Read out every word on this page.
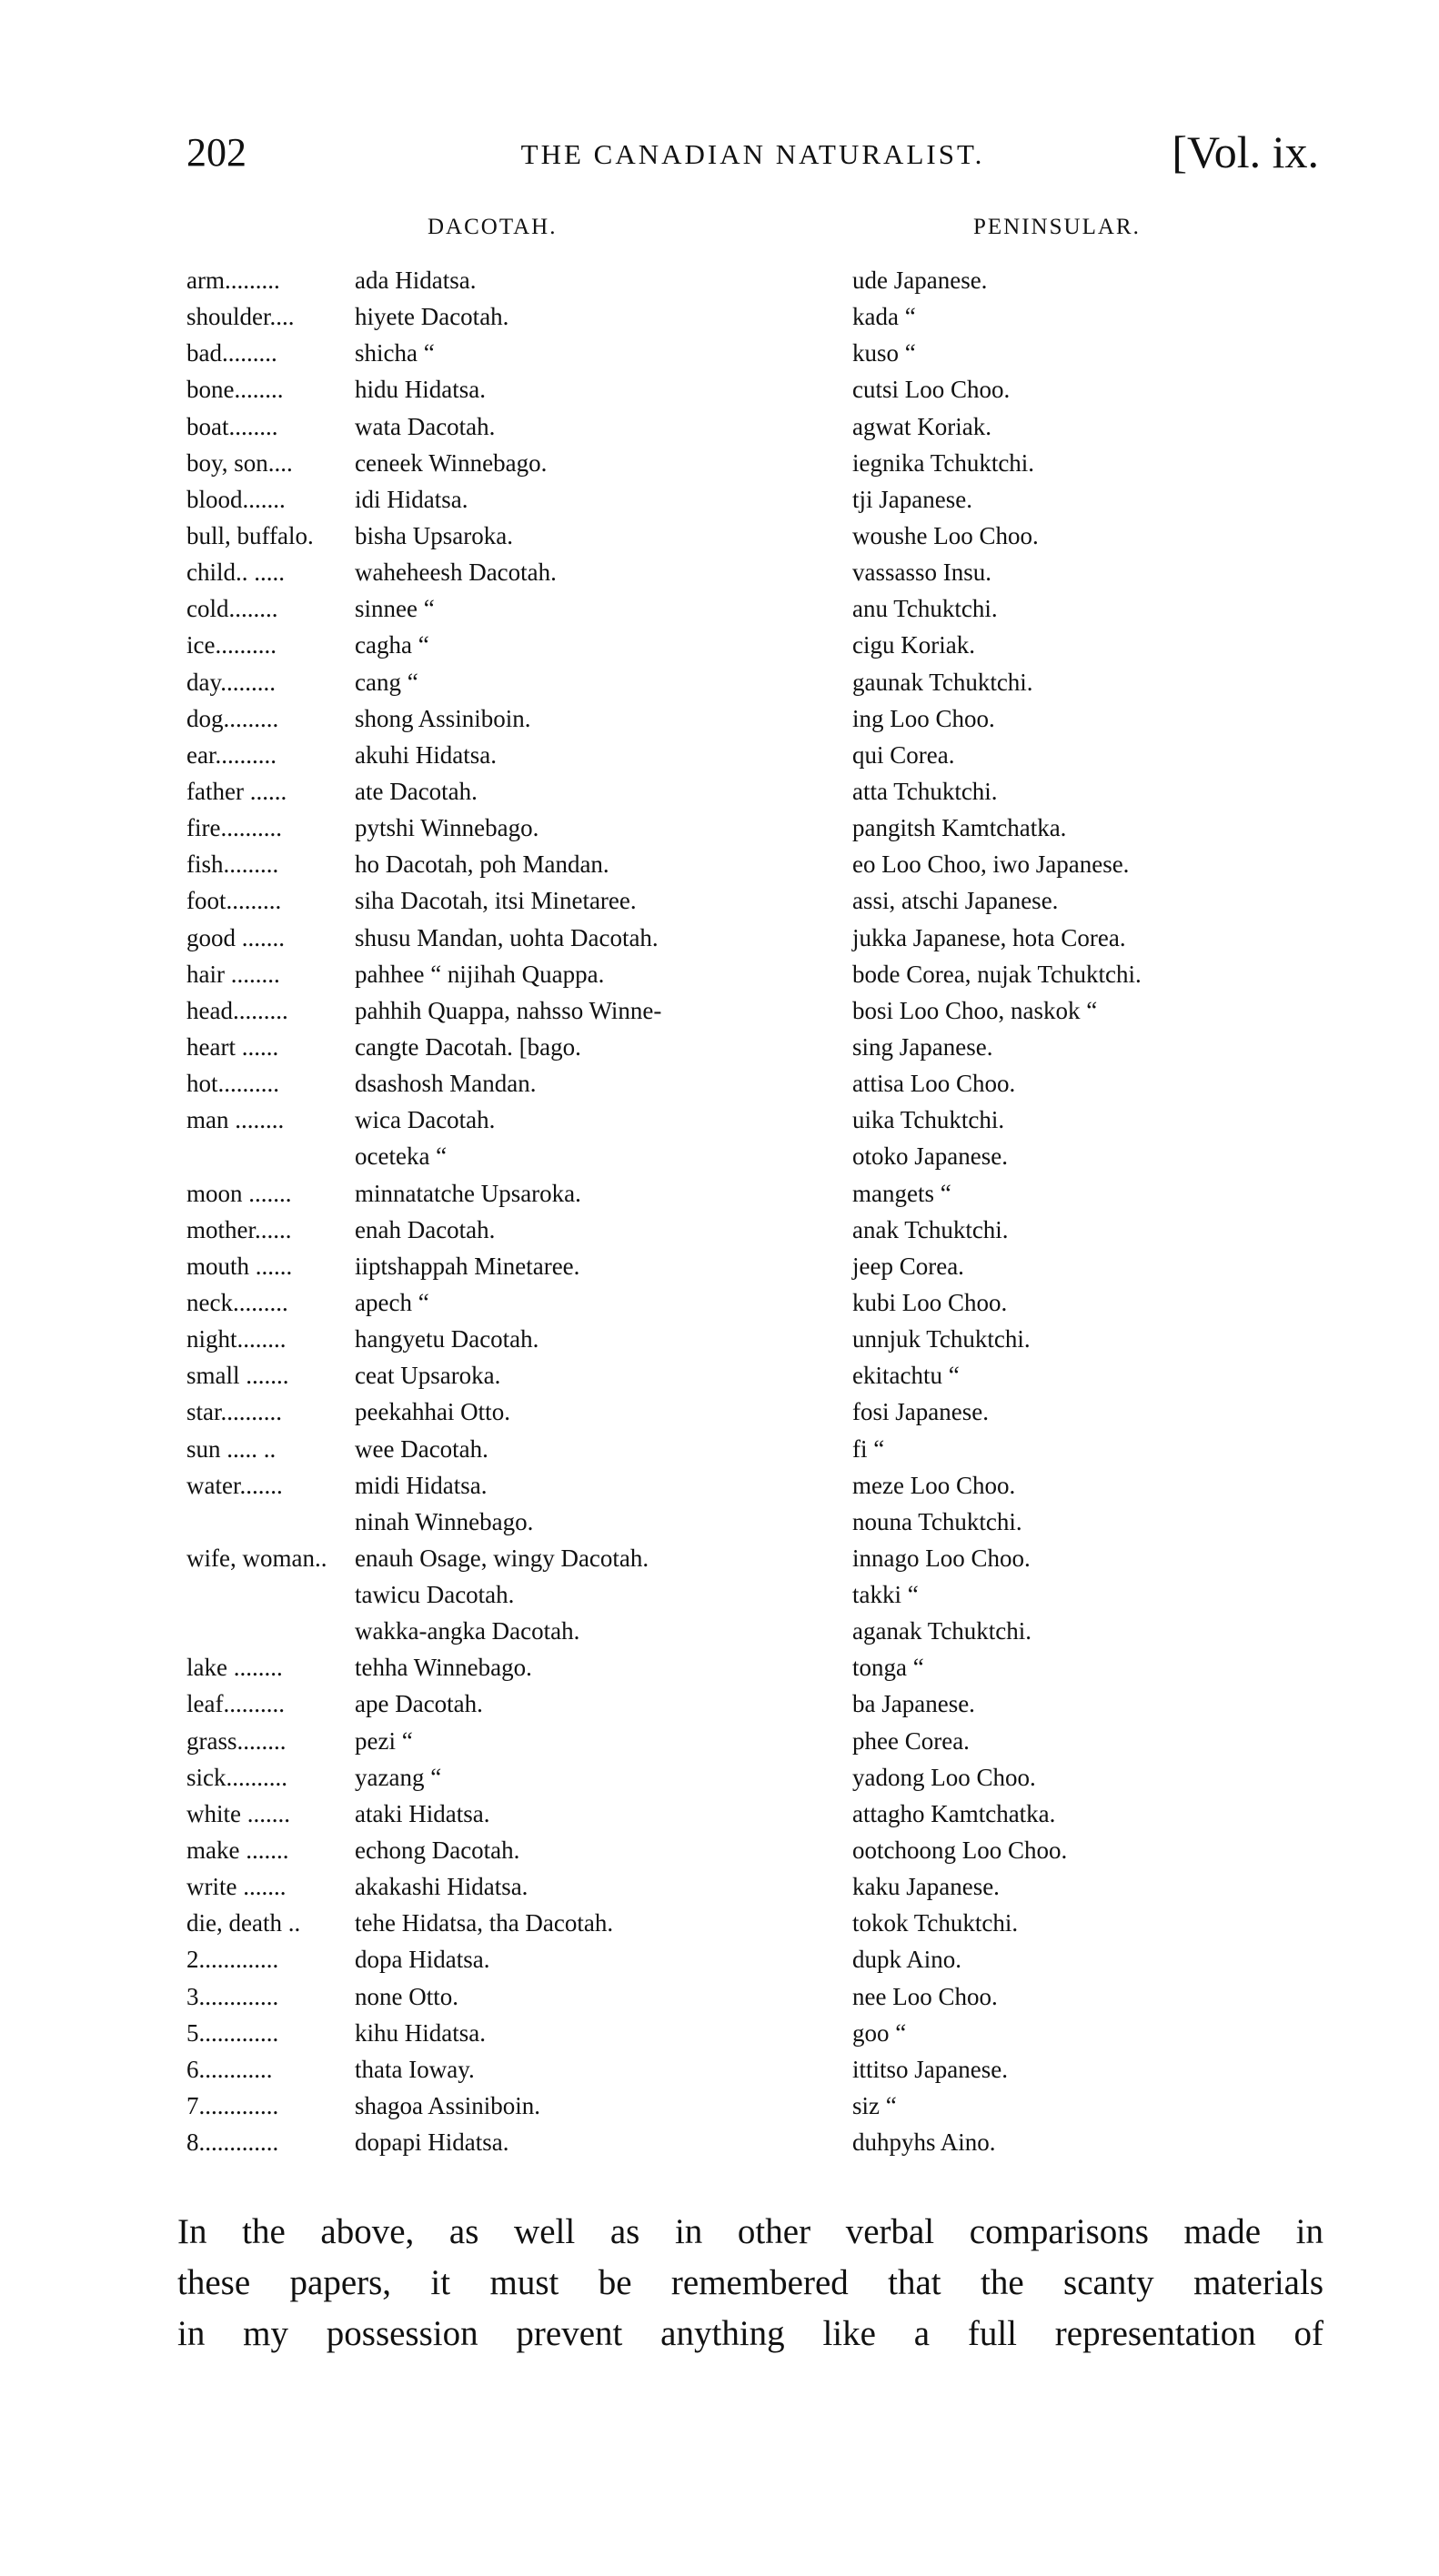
202	THE CANADIAN NATURALIST.	[Vol. ix.
DACOTAH.	PENINSULAR.
arm.........	ada Hidatsa.	ude Japanese.
shoulder.... hiyete Dacotah.	kada “
bad.........	shicha “	kuso “
bone........	hidu Hidatsa.	cutsi Loo Choo.
boat........	wata Dacotah.	agwat Koriak.
boy, son....	ceneek Winnebago.	iegnika Tchuktchi.
blood.......	idi Hidatsa.	tji Japanese.
bull, buffalo. bisha Upsaroka.	woushe Loo Choo.
child.. .....	waheheesh Dacotah.	vassasso Insu.
cold........	sinnee “	anu Tchuktchi.
ice..........	cagha “	cigu Koriak.
day.........	cang “	gaunak Tchuktchi.
dog.........	shong Assiniboin.	ing Loo Choo.
ear..........	akuhi Hidatsa.	qui Corea.
father ......	ate Dacotah.	atta Tchuktchi.
fire..........	pytshi Winnebago.	pangitsh Kamtchatka.
fish.........	ho Dacotah, poh Mandan.	eo Loo Choo, iwo Japanese.
foot.........	siha Dacotah, itsi Minetaree.	assi, atschi Japanese.
good .......	shusu Mandan, uohta Dacotah.	jukka Japanese, hota Corea.
hair ........	pahhee “ nijihah Quappa.	bode Corea, nujak Tchuktchi.
head.........	pahhih Quappa, nahsso Winne-	bosi Loo Choo, naskok “
heart ......	cangte Dacotah. [bago.	sing Japanese.
hot..........	dsashosh Mandan.	attisa Loo Choo.
man ........	wica Dacotah.	uika Tchuktchi.
oceteka “	otoko Japanese.
moon .......	minnatatche Upsaroka.	mangets “
mother......	enah Dacotah.	anak Tchuktchi.
mouth ......	iiptshappah Minetaree.	jeep Corea.
neck.........	apech “	kubi Loo Choo.
night........	hangyetu Dacotah.	unnjuk Tchuktchi.
small .......	ceat Upsaroka.	ekitachtu “
star..........	peekahhai Otto.	fosi Japanese.
sun ..... ..	wee Dacotah.	fi “
water.......	midi Hidatsa.	meze Loo Choo.
ninah Winnebago.	nouna Tchuktchi.
wife, woman.. enauh Osage, wingy Dacotah.	innago Loo Choo.
tawicu Dacotah.	takki “
wakka-angka Dacotah.	aganak Tchuktchi.
lake ........	tehha Winnebago.	tonga “
leaf..........	ape Dacotah.	ba Japanese.
grass........	pezi “	phee Corea.
sick..........	yazang “	yadong Loo Choo.
white .......	ataki Hidatsa.	attagho Kamtchatka.
make .......	echong Dacotah.	ootchoong Loo Choo.
write .......	akakashi Hidatsa.	kaku Japanese.
die, death .. tehe Hidatsa, tha Dacotah.	tokok Tchuktchi.
2.............	dopa Hidatsa.	dupk Aino.
3.............	none Otto.	nee Loo Choo.
5.............	kihu Hidatsa.	goo “
6............	thata Ioway.	ittitso Japanese.
7.............	shagoa Assiniboin.	siz “
8.............	dopapi Hidatsa.	duhpyhs Aino.
In the above, as well as in other verbal comparisons made in
these papers, it must be remembered that the scanty materials
in my possession prevent anything like a full representation of
